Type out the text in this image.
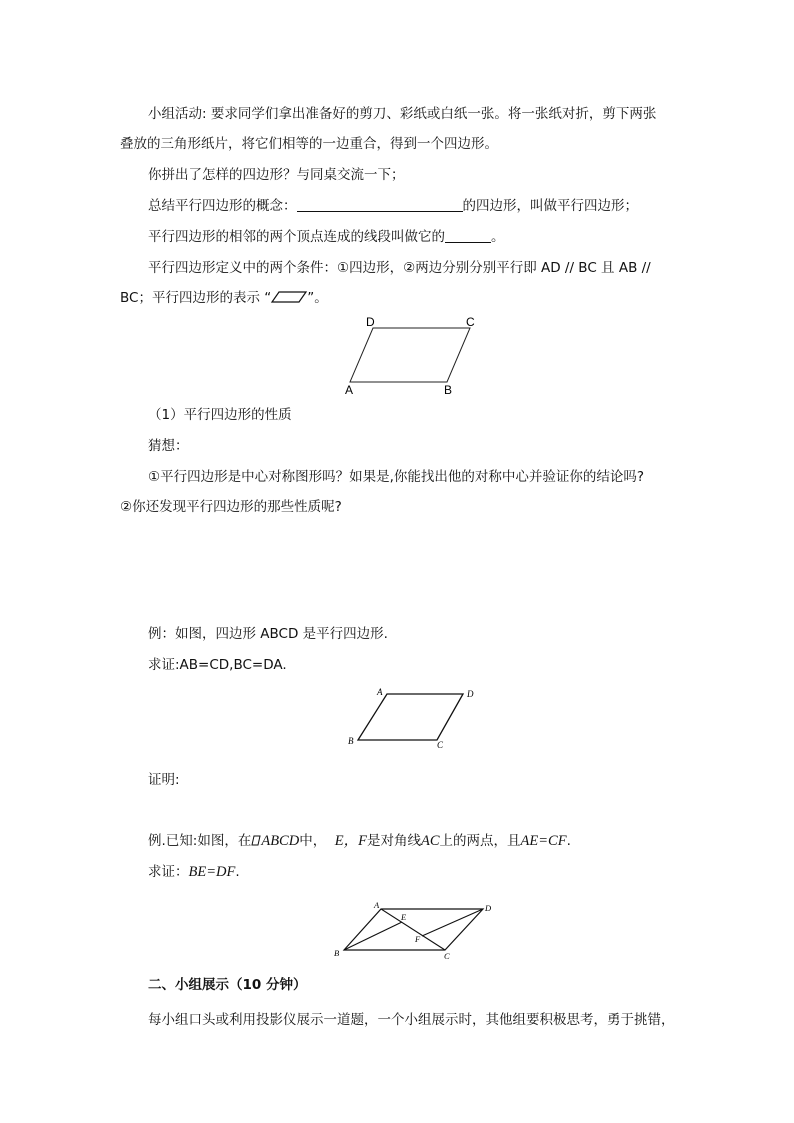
小组活动: 要求同学们拿出准备好的剪刀、彩纸或白纸一张。将一张纸对折，剪下两张
叠放的三角形纸片，将它们相等的一边重合，得到一个四边形。
你拼出了怎样的四边形？与同桌交流一下；
总结平行四边形的概念：	的四边形，叫做平行四边形；
平行四边形的相邻的两个顶点连成的线段叫做它的	。
平行四边形定义中的两个条件：①四边形，②两边分别分别平行即 AD // BC 且 AB //
BC；平行四边形的表示 “	”。
D	C
A	B
（1）平行四边形的性质
猜想：
①平行四边形是中心对称图形吗？如果是,你能找出他的对称中心并验证你的结论吗?
②你还发现平行四边形的那些性质呢?
例：如图，四边形 ABCD 是平行四边形.
求证:AB=CD,BC=DA.
A	D
B	C
证明:
例.已知:如图，在 ABCD中， E，F是对角线AC上的两点，且AE=CF.
求证：BE=DF.
A
E
D
F
B	C
二、小组展示（10 分钟）
每小组口头或利用投影仪展示一道题，一个小组展示时，其他组要积极思考，勇于挑错，
